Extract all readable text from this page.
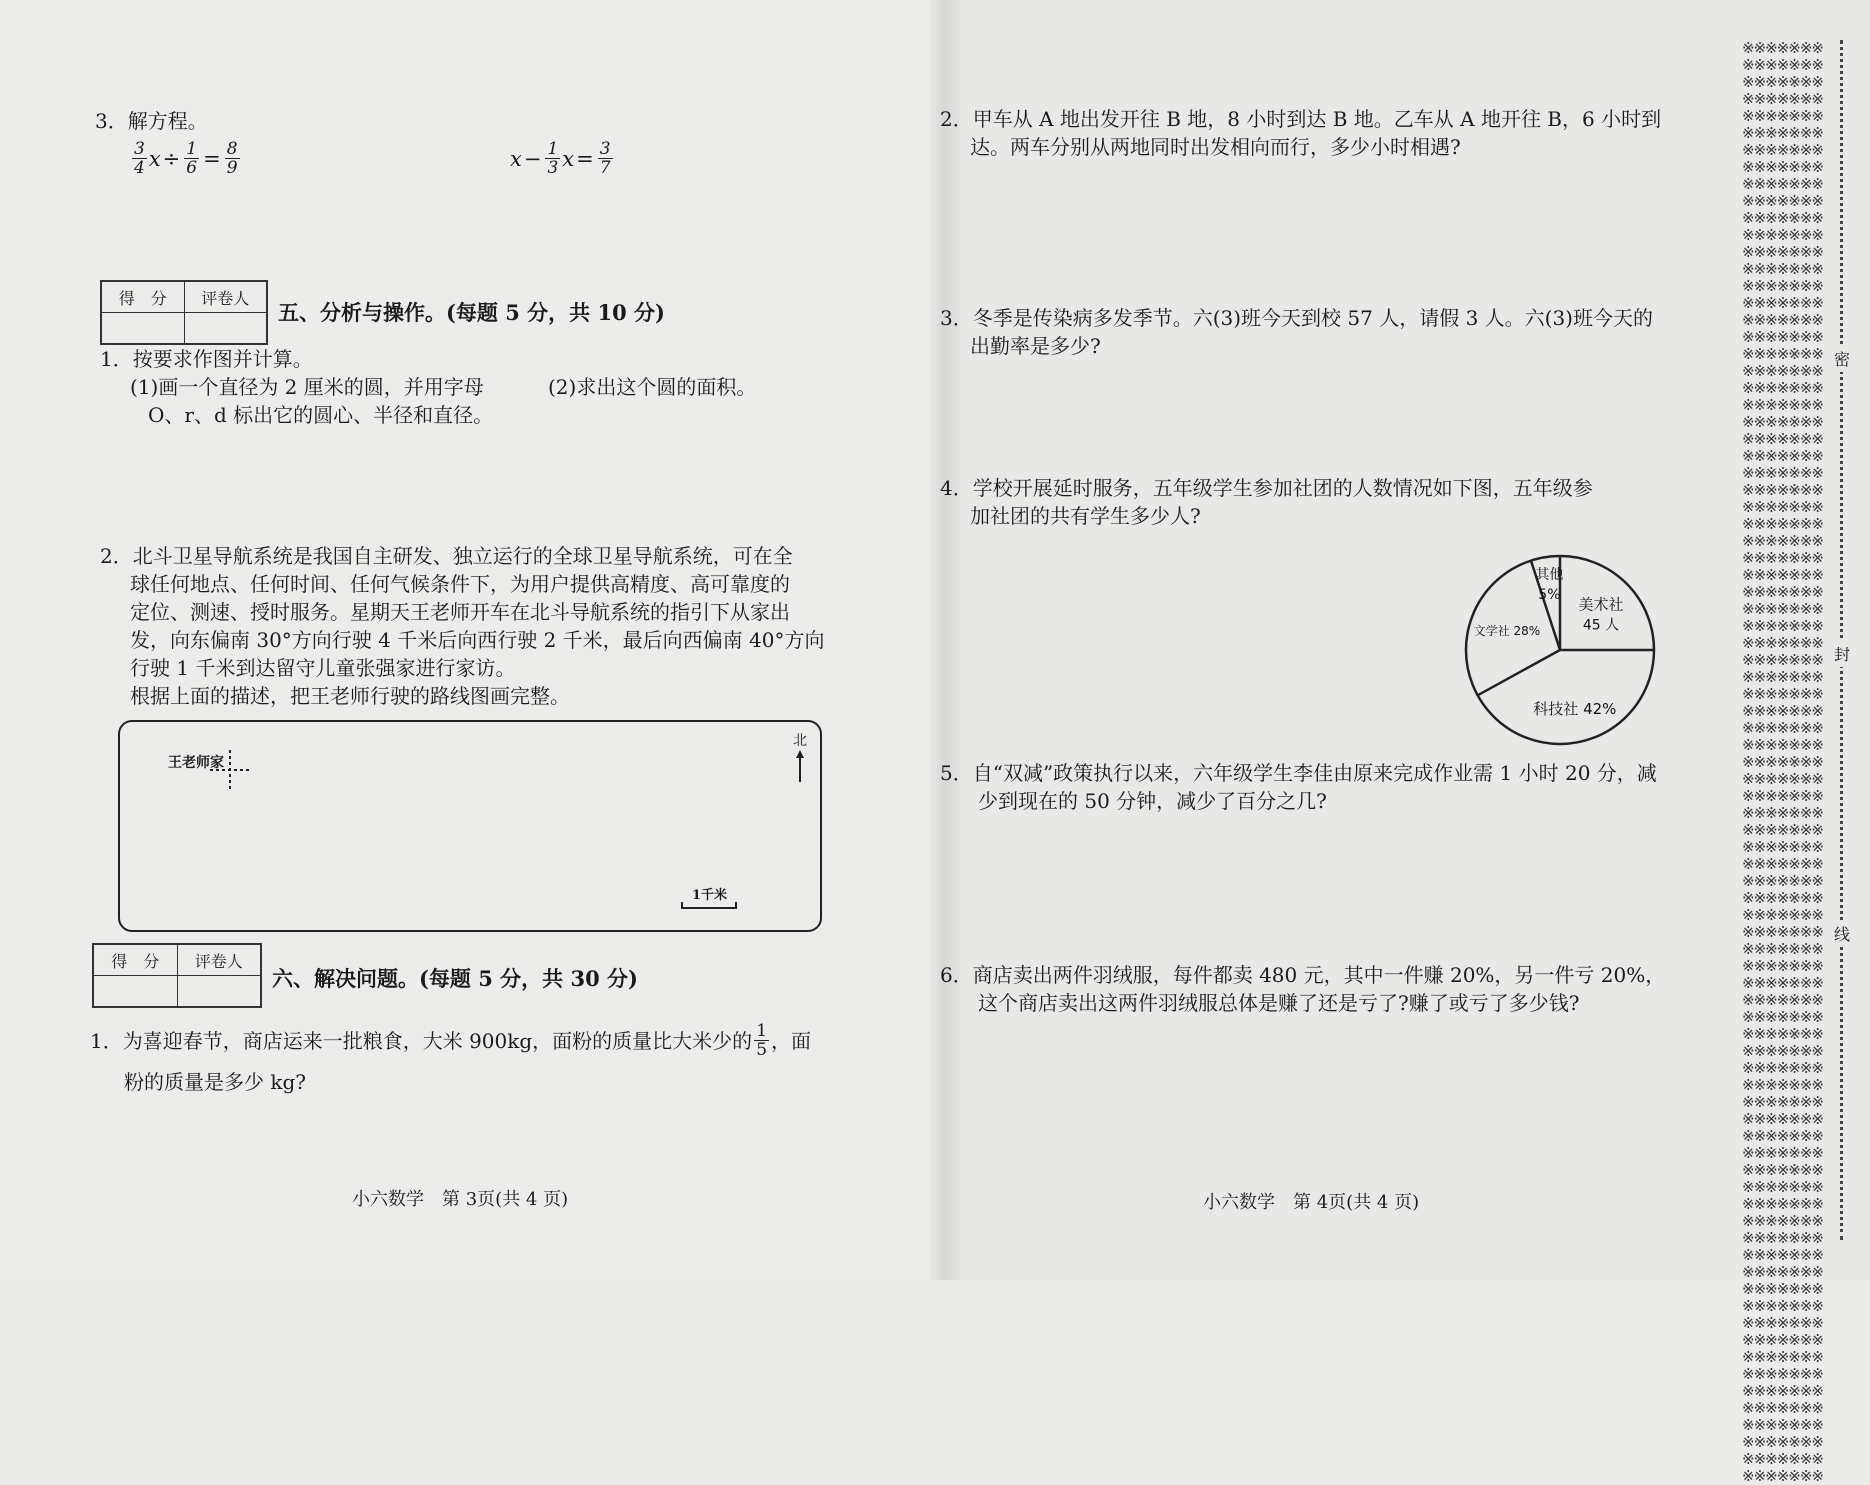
3．解方程。
$\frac{3}{4}$ $x \div \frac{1}{6} = \frac{8}{9}$	$x - \frac{1}{3}$ $x = \frac{3}{7}$
得　分	评卷人

五、分析与操作。(每题 5 分，共 10 分)
1．按要求作图并计算。
(1)画一个直径为 2 厘米的圆，并用字母
O、r、d 标出它的圆心、半径和直径。
(2)求出这个圆的面积。
2．北斗卫星导航系统是我国自主研发、独立运行的全球卫星导航系统，可在全
球任何地点、任何时间、任何气候条件下，为用户提供高精度、高可靠度的
定位、测速、授时服务。星期天王老师开车在北斗导航系统的指引下从家出
发，向东偏南 30°方向行驶 4 千米后向西行驶 2 千米，最后向西偏南 40°方向
行驶 1 千米到达留守儿童张强家进行家访。
根据上面的描述，把王老师行驶的路线图画完整。
王老师家
北
1千米
得　分	评卷人

六、解决问题。(每题 5 分，共 30 分)
1．为喜迎春节，商店运来一批粮食，大米 900kg，面粉的质量比大米少的 $\frac{1}{5}$ ，面
粉的质量是多少 kg?
小六数学　第 3页(共 4 页)
2．甲车从 A 地出发开往 B 地，8 小时到达 B 地。乙车从 A 地开往 B，6 小时到
达。两车分别从两地同时出发相向而行，多少小时相遇?
3．冬季是传染病多发季节。六(3)班今天到校 57 人，请假 3 人。六(3)班今天的
出勤率是多少?
4．学校开展延时服务，五年级学生参加社团的人数情况如下图，五年级参
加社团的共有学生多少人?
其他
5%
美术社
45 人
科技社 42%
文学社 28%
5．自“双减”政策执行以来，六年级学生李佳由原来完成作业需 1 小时 20 分，减
少到现在的 50 分钟，减少了百分之几?
6．商店卖出两件羽绒服，每件都卖 480 元，其中一件赚 20%，另一件亏 20%，
这个商店卖出这两件羽绒服总体是赚了还是亏了?赚了或亏了多少钱?
小六数学　第 4页(共 4 页)
※※※※※※※※※※※※※※※※※※※※※※※※※※※※※※※※※※※※※※※※※※※※※※※※※※※※※※※※※※※※※※※※※※※※※※※※※※※※※※※※※※※※※※※※※※※※※※※※※※※※※※※※※※※※※※※※※※※※※※※※※※※※※※※※※※※※※※※※※※※※※※※※※※※※※※※※※※※※※※※※※※※※※※※※※※※※※※※※※※※※※※※※※※※※※※※※※※※※※※※※※※※※※※※※※※※※※※※※※※※※※※※※※※※※※※※※※※※※※※※※※※※※※※※※※※※※※※※※※※※※※※※※※※※※※※※※※※※※※※※※※※※※※※※※※※※※※※※※※※※※※※※※※※※※※※※※※※※※※※※※※※※※※※※※※※※※※※※※※※※※※※※※※※※※※※※※※※※※※※※※※※※※※※※※※※※※※※※※※※※※※※※※※※※※※※※※※※※※※※※※※※※※※※※※※※※※※※※※※※※※※※※※※※※※※※※※※※※※※※※※※※※※※※※※※※※※※※※※※※※※※※※※※※※※※※※※※※※※※※※※※※※※※※※※※※※※※※※※※※※※※※※※※※※※※※※※※※※※※※※※※※※※※※※※※※※※※※※※※※※※※※※※※※※※※※※※※※※※※※※※※※※※※※※※※※※※※※※※※※※※※※※※※※※※※※※※※※※
密
封
线
